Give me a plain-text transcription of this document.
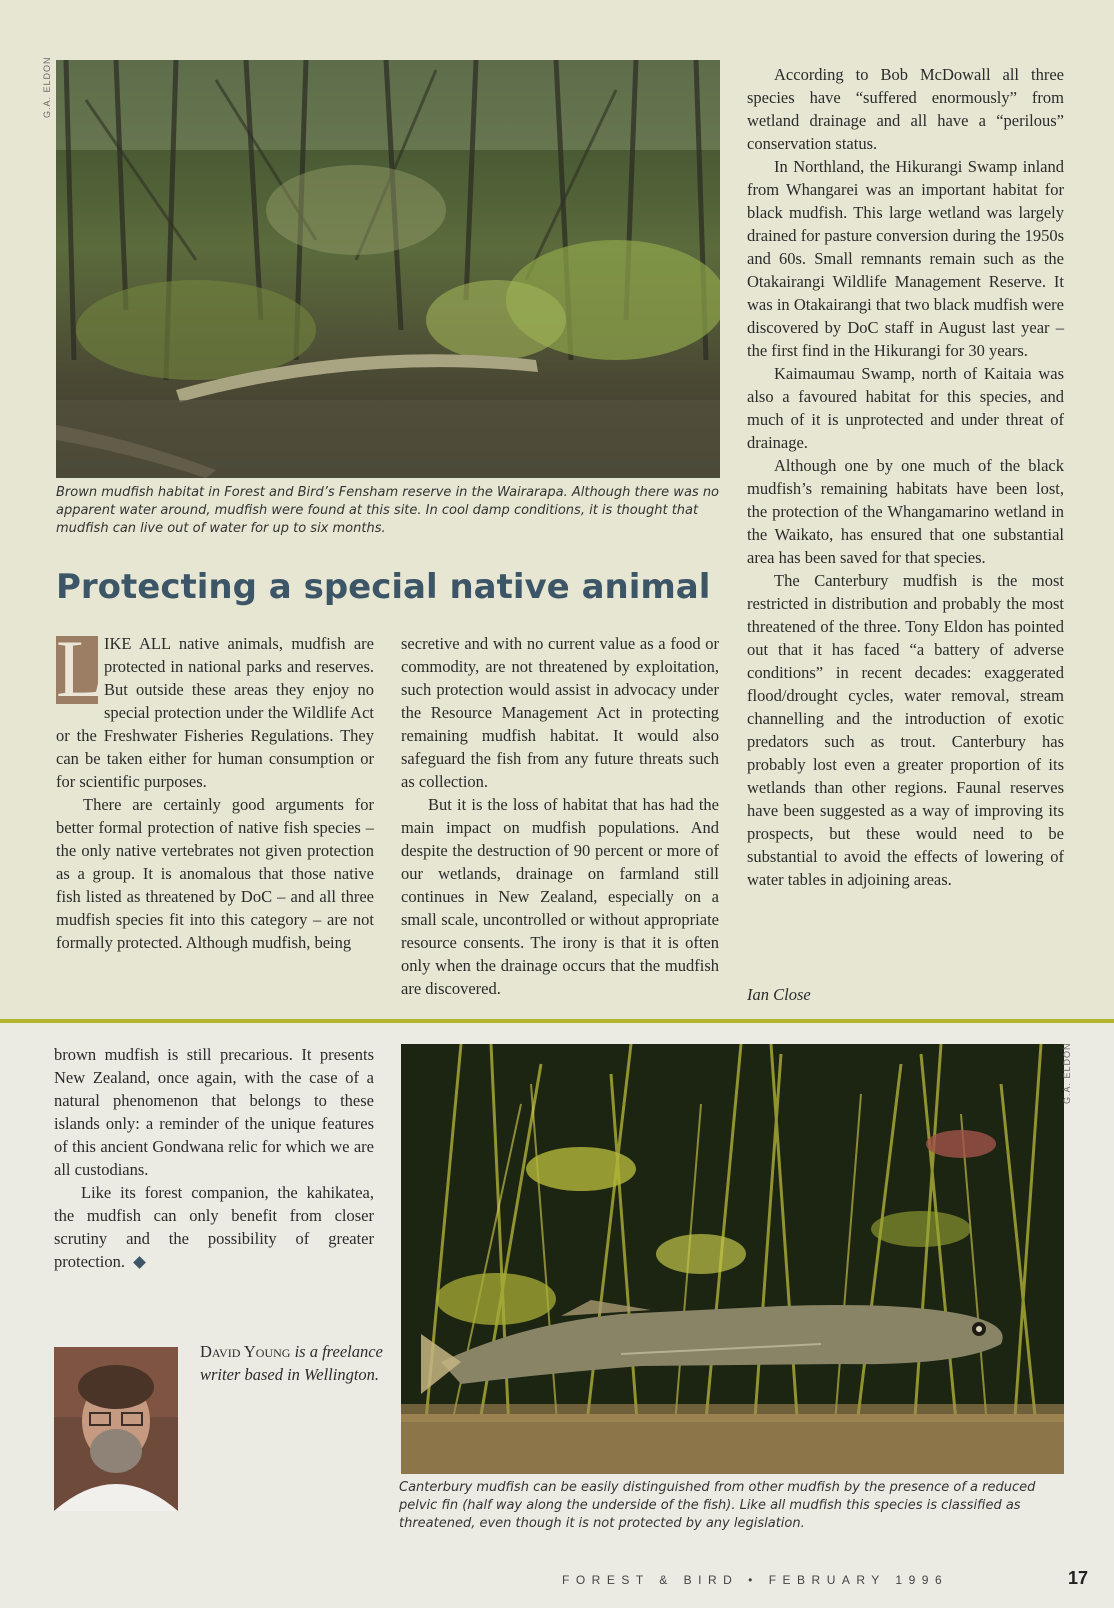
G.A. ELDON
Brown mudfish habitat in Forest and Bird’s Fensham reserve in the Wairarapa. Although there was no apparent water around, mudfish were found at this site. In cool damp conditions, it is thought that mudfish can live out of water for up to six months.
Protecting a special native animal

L
IKE ALL native animals, mudfish are protected in national parks and reserves. But outside these areas they enjoy no special protection under the Wildlife Act or the Freshwater Fisheries Regulations. They can be taken either for human consumption or for scientific purposes.

There are certainly good arguments for better formal protection of native fish species – the only native vertebrates not given protection as a group. It is anomalous that those native fish listed as threatened by DoC – and all three mudfish species fit into this category – are not formally protected. Although mudfish, being

secretive and with no current value as a food or commodity, are not threatened by exploitation, such protection would assist in advocacy under the Resource Management Act in protecting remaining mudfish habitat. It would also safeguard the fish from any future threats such as collection.

But it is the loss of habitat that has had the main impact on mudfish populations. And despite the destruction of 90 percent or more of our wetlands, drainage on farmland still continues in New Zealand, especially on a small scale, uncontrolled or without appropriate resource consents. The irony is that it is often only when the drainage occurs that the mudfish are discovered.

According to Bob McDowall all three species have “suffered enormously” from wetland drainage and all have a “perilous” conservation status.

In Northland, the Hikurangi Swamp inland from Whangarei was an important habitat for black mudfish. This large wetland was largely drained for pasture conversion during the 1950s and 60s. Small remnants remain such as the Otakairangi Wildlife Management Reserve. It was in Otakairangi that two black mudfish were discovered by DoC staff in August last year – the first find in the Hikurangi for 30 years.

Kaimaumau Swamp, north of Kaitaia was also a favoured habitat for this species, and much of it is unprotected and under threat of drainage.

Although one by one much of the black mudfish’s remaining habitats have been lost, the protection of the Whangamarino wetland in the Waikato, has ensured that one substantial area has been saved for that species.

The Canterbury mudfish is the most restricted in distribution and probably the most threatened of the three. Tony Eldon has pointed out that it has faced “a battery of adverse conditions” in recent decades: exaggerated flood/drought cycles, water removal, stream channelling and the introduction of exotic predators such as trout. Canterbury has probably lost even a greater proportion of its wetlands than other regions. Faunal reserves have been suggested as a way of improving its prospects, but these would need to be substantial to avoid the effects of lowering of water tables in adjoining areas.

Ian Close

brown mudfish is still precarious. It presents New Zealand, once again, with the case of a natural phenomenon that belongs to these islands only: a reminder of the unique features of this ancient Gondwana relic for which we are all custodians.

Like its forest companion, the kahikatea, the mudfish can only benefit from closer scrutiny and the possibility of greater protection.

David Young is a freelance writer based in Wellington.
G.A. ELDON
Canterbury mudfish can be easily distinguished from other mudfish by the presence of a reduced pelvic fin (half way along the underside of the fish). Like all mudfish this species is classified as threatened, even though it is not protected by any legislation.
FOREST & BIRD • FEBRUARY 1996	17
